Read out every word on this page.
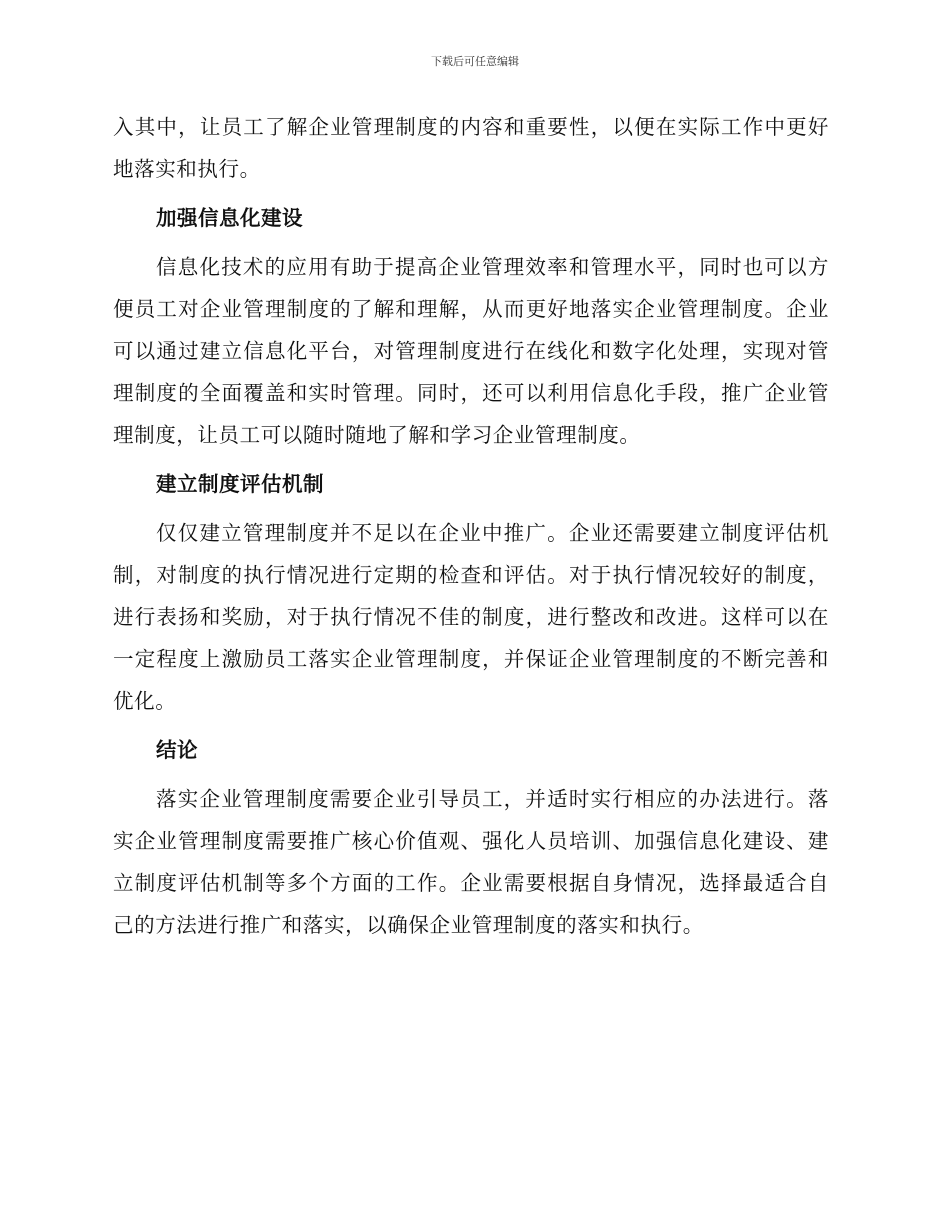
下载后可任意编辑

入其中，让员工了解企业管理制度的内容和重要性，以便在实际工作中更好地落实和执行。

加强信息化建设

信息化技术的应用有助于提高企业管理效率和管理水平，同时也可以方便员工对企业管理制度的了解和理解，从而更好地落实企业管理制度。企业可以通过建立信息化平台，对管理制度进行在线化和数字化处理，实现对管理制度的全面覆盖和实时管理。同时，还可以利用信息化手段，推广企业管理制度，让员工可以随时随地了解和学习企业管理制度。

建立制度评估机制

仅仅建立管理制度并不足以在企业中推广。企业还需要建立制度评估机制，对制度的执行情况进行定期的检查和评估。对于执行情况较好的制度，进行表扬和奖励，对于执行情况不佳的制度，进行整改和改进。这样可以在一定程度上激励员工落实企业管理制度，并保证企业管理制度的不断完善和优化。

结论

落实企业管理制度需要企业引导员工，并适时实行相应的办法进行。落实企业管理制度需要推广核心价值观、强化人员培训、加强信息化建设、建立制度评估机制等多个方面的工作。企业需要根据自身情况，选择最适合自己的方法进行推广和落实，以确保企业管理制度的落实和执行。
